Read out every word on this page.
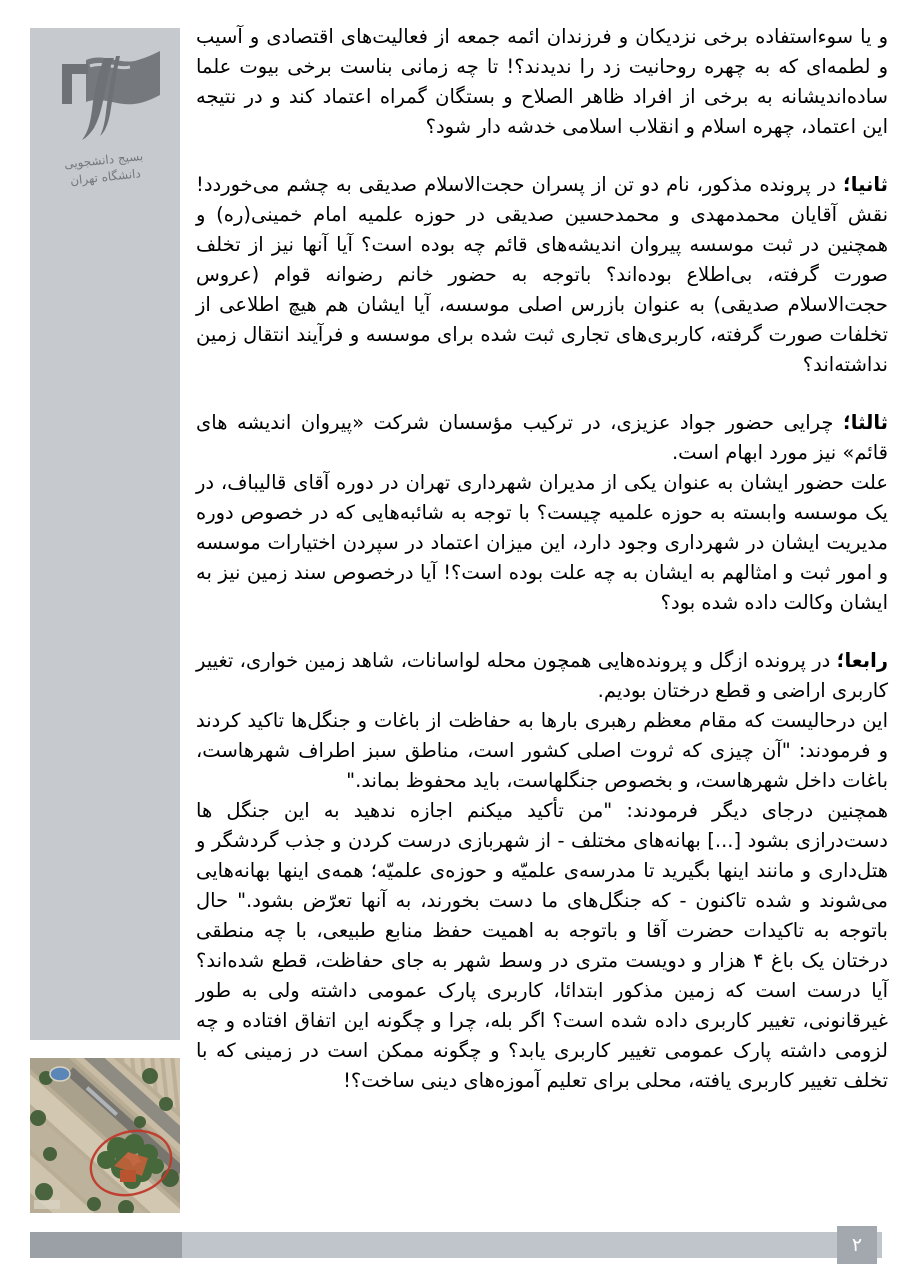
بسیج دانشجویی
دانشگاه تهران

و یا سوءاستفاده برخی نزدیکان و فرزندان ائمه جمعه از فعالیت‌های اقتصادی و آسیب و لطمه‌ای که به چهره روحانیت زد را ندیدند؟! تا چه زمانی بناست برخی بیوت علما ساده‌اندیشانه به برخی از افراد ظاهر الصلاح و بستگان گمراه اعتماد کند و در نتیجه این اعتماد، چهره اسلام و انقلاب اسلامی خدشه دار شود؟

ثانیا؛ در پرونده مذکور، نام دو تن از پسران حجت‌الاسلام صدیقی به چشم می‌خوردد! نقش آقایان محمدمهدی و محمدحسین صدیقی در حوزه علمیه امام خمینی(ره) و همچنین در ثبت موسسه پیروان اندیشه‌های قائم چه بوده است؟ آیا آنها نیز از تخلف صورت گرفته، بی‌اطلاع بوده‌اند؟ باتوجه به حضور خانم رضوانه قوام (عروس حجت‌الاسلام صدیقی) به عنوان بازرس اصلی موسسه، آیا ایشان هم هیچ اطلاعی از تخلفات صورت گرفته، کاربری‌های تجاری ثبت شده برای موسسه و فرآیند انتقال زمین نداشته‌اند؟

ثالثا؛ چرایی حضور جواد عزیزی، در ترکیب مؤسسان شرکت «پیروان اندیشه های قائم» نیز مورد ابهام است.

علت حضور ایشان به عنوان یکی از مدیران شهرداری تهران در دوره آقای قالیباف، در یک موسسه وابسته به حوزه علمیه چیست؟ با توجه به شائبه‌هایی که در خصوص دوره مدیریت ایشان در شهرداری وجود دارد، این میزان اعتماد در سپردن اختیارات موسسه و امور ثبت و امثالهم به ایشان به چه علت بوده است؟! آیا درخصوص سند زمین نیز به ایشان وکالت داده شده بود؟

رابعا؛ در پرونده ازگل و پرونده‌هایی همچون محله لواسانات، شاهد زمین خواری، تغییر کاربری اراضی و قطع درختان بودیم.

این درحالیست که مقام معظم رهبری بارها به حفاظت از باغات و جنگل‌ها تاکید کردند و فرمودند: "آن چیزی که ثروت اصلی کشور است، مناطق سبز اطراف شهرهاست، باغات داخل شهرهاست، و بخصوص جنگلهاست، باید محفوظ بماند."

همچنین درجای دیگر فرمودند: "من تأکید میکنم اجازه ندهید به این جنگل ها دست‌درازی بشود [...] بهانه‌های مختلف - از شهربازی درست کردن و جذب گردشگر و هتل‌داری و مانند اینها بگیرید تا مدرسه‌ی علمیّه و حوزه‌ی علمیّه؛ همه‌ی اینها بهانه‌هایی می‌شوند و شده تاکنون - که جنگل‌های ما دست بخورند، به آنها تعرّض بشود." حال باتوجه به تاکیدات حضرت آقا و باتوجه به اهمیت حفظ منابع طبیعی، با چه منطقی درختان یک باغ ۴ هزار و دویست متری در وسط شهر به جای حفاظت، قطع شده‌اند؟ آیا درست است که زمین مذکور ابتدائا، کاربری پارک عمومی داشته ولی به طور غیرقانونی، تغییر کاربری داده شده است؟ اگر بله، چرا و چگونه این اتفاق افتاده و چه لزومی داشته پارک عمومی تغییر کاربری یابد؟ و چگونه ممکن است در زمینی که با تخلف تغییر کاربری یافته، محلی برای تعلیم آموزه‌های دینی ساخت؟!

۲
